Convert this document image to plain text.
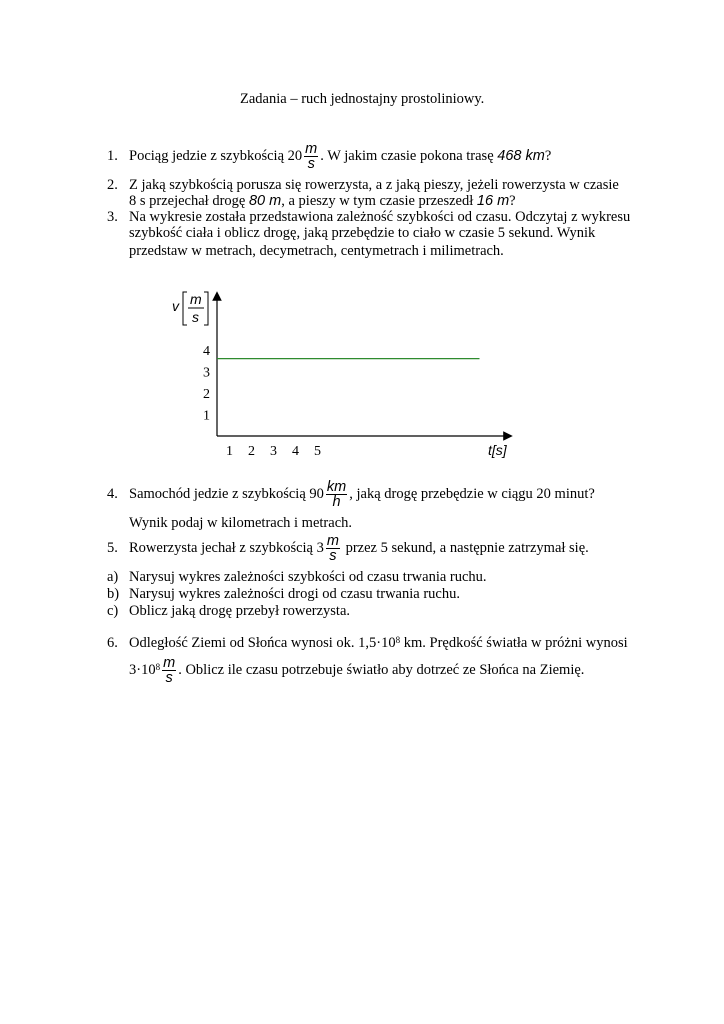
Zadania – ruch jednostajny prostoliniowy.
1. Pociąg jedzie z szybkością $20 \frac{m}{s}$ . W jakim czasie pokona trasę 468 km?
2. Z jaką szybkością porusza się rowerzysta, a z jaką pieszy, jeżeli rowerzysta w czasie
8 s przejechał drogę 80 m, a pieszy w tym czasie przeszedł 16 m?
3. Na wykresie została przedstawiona zależność szybkości od czasu. Odczytaj z wykresu
szybkość ciała i oblicz drogę, jaką przebędzie to ciało w czasie 5 sekund. Wynik
przedstaw w metrach, decymetrach, centymetrach i milimetrach.
v m
s
1
2
3
4
1 2 3 4 5	t[s]
4. Samochód jedzie z szybkością $90 \frac{km}{h}$ , jaką drogę przebędzie w ciągu 20 minut?
Wynik podaj w kilometrach i metrach.
5. Rowerzysta jechał z szybkością $3 \frac{m}{s}$ przez 5 sekund, a następnie zatrzymał się.
a) Narysuj wykres zależności szybkości od czasu trwania ruchu.
b) Narysuj wykres zależności drogi od czasu trwania ruchu.
c) Oblicz jaką drogę przebył rowerzysta.
6. Odległość Ziemi od Słońca wynosi ok. $1,5\cdot 10^8$ km. Prędkość światła w próżni wynosi
$3\cdot 10^8 \frac{m}{s}$ . Oblicz ile czasu potrzebuje światło aby dotrzeć ze Słońca na Ziemię.
